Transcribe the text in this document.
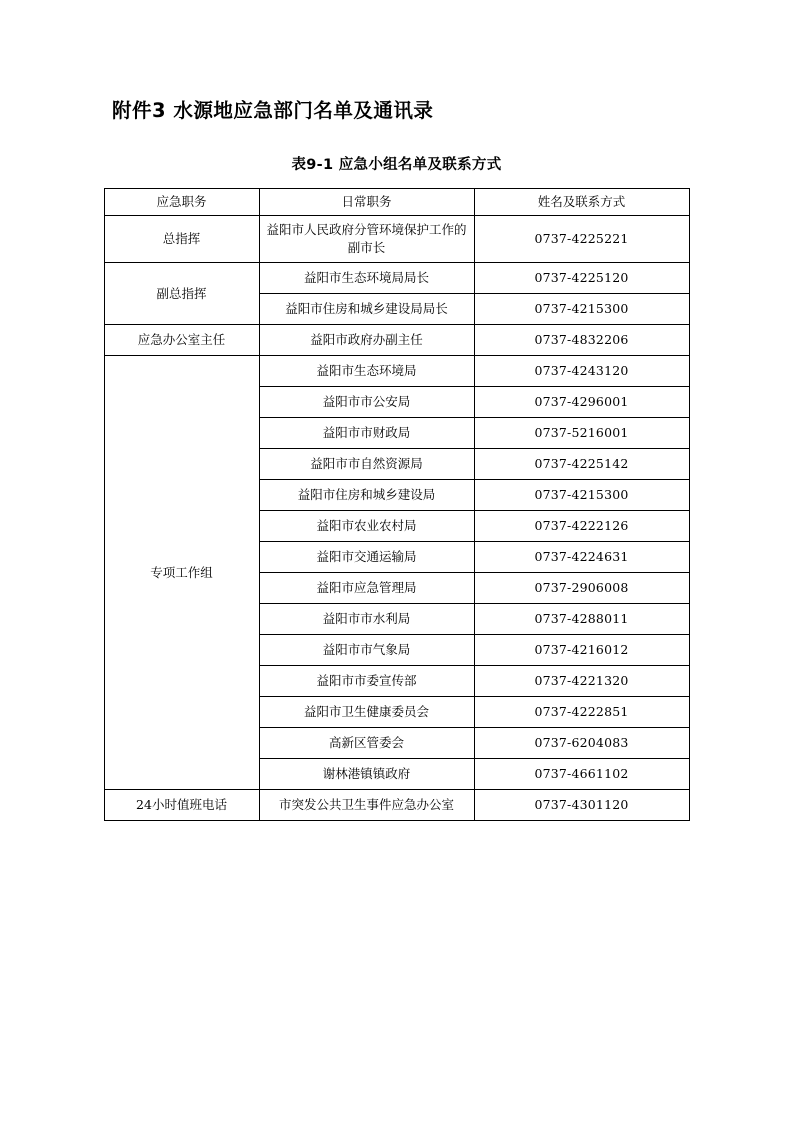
附件3 水源地应急部门名单及通讯录
表9-1 应急小组名单及联系方式
应急职务	日常职务	姓名及联系方式
总指挥	益阳市人民政府分管环境保护工作的副市长	0737-4225221
副总指挥	益阳市生态环境局局长	0737-4225120
	益阳市住房和城乡建设局局长	0737-4215300
应急办公室主任	益阳市政府办副主任	0737-4832206
专项工作组	益阳市生态环境局	0737-4243120
	益阳市市公安局	0737-4296001
	益阳市市财政局	0737-5216001
	益阳市市自然资源局	0737-4225142
	益阳市住房和城乡建设局	0737-4215300
	益阳市农业农村局	0737-4222126
	益阳市交通运输局	0737-4224631
	益阳市应急管理局	0737-2906008
	益阳市市水利局	0737-4288011
	益阳市市气象局	0737-4216012
	益阳市市委宣传部	0737-4221320
	益阳市卫生健康委员会	0737-4222851
	高新区管委会	0737-6204083
	谢林港镇镇政府	0737-4661102
24小时值班电话	市突发公共卫生事件应急办公室	0737-4301120
